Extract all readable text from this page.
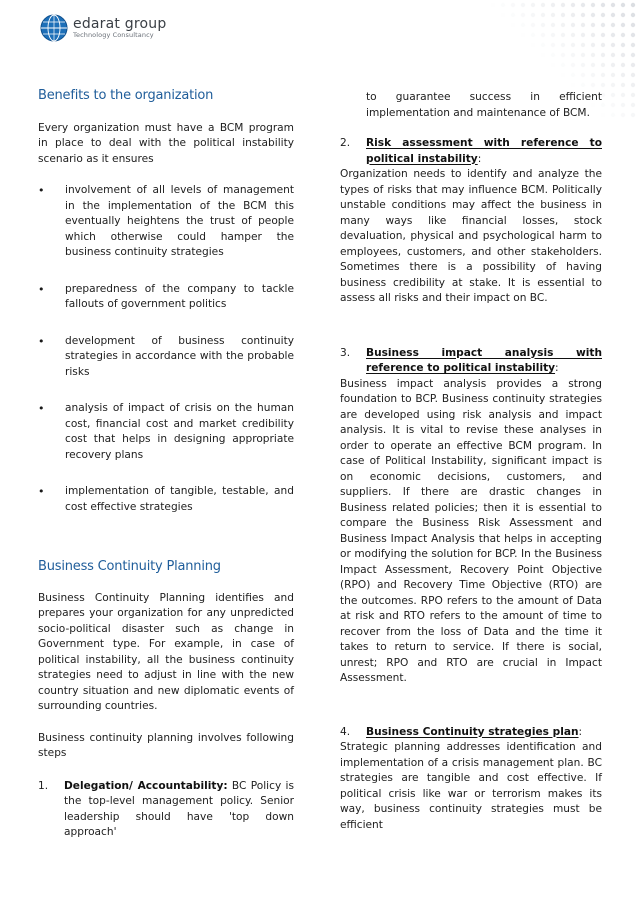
edarat group
Technology Consultancy
Benefits to the organization

Every organization must have a BCM program in place to deal with the political instability scenario as it ensures

• involvement of all levels of management in the implementation of the BCM this eventually heightens the trust of people which otherwise could hamper the business continuity strategies
• preparedness of the company to tackle fallouts of government politics
• development of business continuity strategies in accordance with the probable risks
• analysis of impact of crisis on the human cost, financial cost and market credibility cost that helps in designing appropriate recovery plans
• implementation of tangible, testable, and cost effective strategies
Business Continuity Planning

Business Continuity Planning identifies and prepares your organization for any unpredicted socio-political disaster such as change in Government type. For example, in case of political instability, all the business continuity strategies need to adjust in line with the new country situation and new diplomatic events of surrounding countries.

Business continuity planning involves following steps

1. Delegation/ Accountability: BC Policy is the top-level management policy. Senior leadership should have 'top down approach'

to guarantee success in efficient implementation and maintenance of BCM.

2. Risk assessment with reference to political instability:

Organization needs to identify and analyze the types of risks that may influence BCM. Politically unstable conditions may affect the business in many ways like financial losses, stock devaluation, physical and psychological harm to employees, customers, and other stakeholders. Sometimes there is a possibility of having business credibility at stake. It is essential to assess all risks and their impact on BC.

3. Business impact analysis with reference to political instability:

Business impact analysis provides a strong foundation to BCP. Business continuity strategies are developed using risk analysis and impact analysis. It is vital to revise these analyses in order to operate an effective BCM program. In case of Political Instability, significant impact is on economic decisions, customers, and suppliers. If there are drastic changes in Business related policies; then it is essential to compare the Business Risk Assessment and Business Impact Analysis that helps in accepting or modifying the solution for BCP. In the Business Impact Assessment, Recovery Point Objective (RPO) and Recovery Time Objective (RTO) are the outcomes. RPO refers to the amount of Data at risk and RTO refers to the amount of time to recover from the loss of Data and the time it takes to return to service. If there is social, unrest; RPO and RTO are crucial in Impact Assessment.

4. Business Continuity strategies plan:

Strategic planning addresses identification and implementation of a crisis management plan. BC strategies are tangible and cost effective. If political crisis like war or terrorism makes its way, business continuity strategies must be efficient
